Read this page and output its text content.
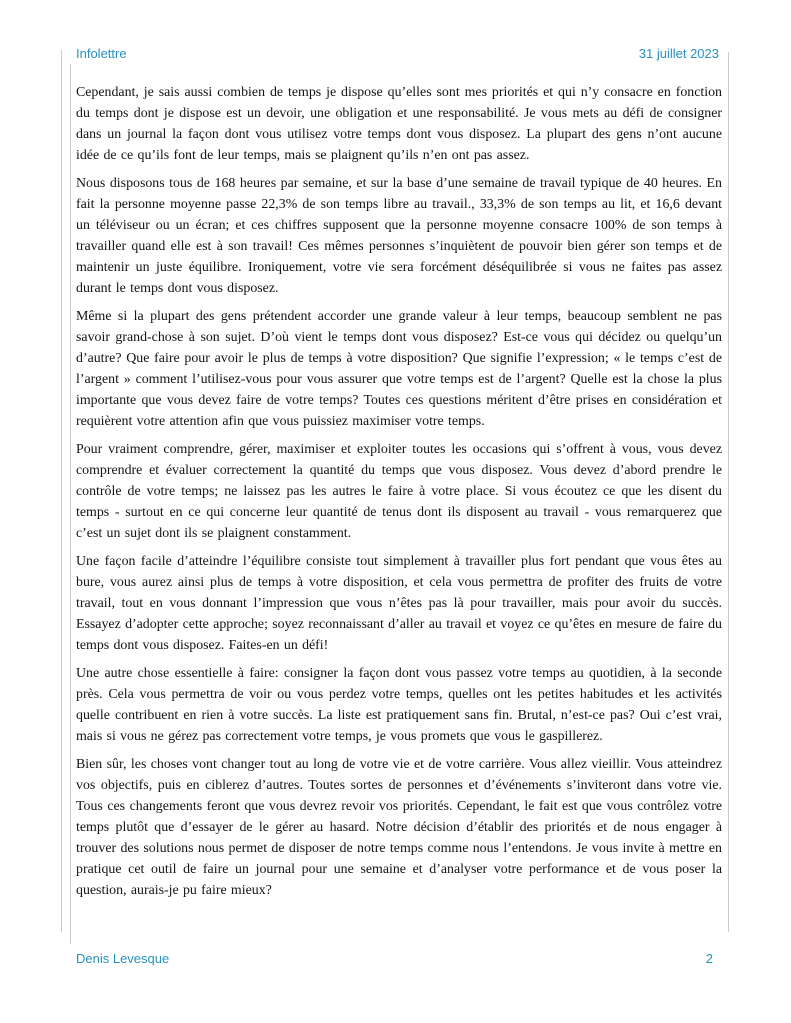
Infolettre	31 juillet 2023

Cependant, je sais aussi combien de temps je dispose qu’elles sont mes priorités et qui n’y consacre en fonction du temps dont je dispose est un devoir, une obligation et une responsabilité. Je vous mets au défi de consigner dans un journal la façon dont vous utilisez votre temps dont vous disposez. La plupart des gens n’ont aucune idée de ce qu’ils font de leur temps, mais se plaignent qu’ils n’en ont pas assez.

Nous disposons tous de 168 heures par semaine, et sur la base d’une semaine de travail typique de 40 heures. En fait la personne moyenne passe 22,3% de son temps libre au travail., 33,3% de son temps au lit, et 16,6 devant un téléviseur ou un écran; et ces chiffres supposent que la personne moyenne consacre 100% de son temps à travailler quand elle est à son travail! Ces mêmes personnes s’inquiètent de pouvoir bien gérer son temps et de maintenir un juste équilibre. Ironiquement, votre vie sera forcément déséquilibrée si vous ne faites pas assez durant le temps dont vous disposez.

Même si la plupart des gens prétendent accorder une grande valeur à leur temps, beaucoup semblent ne pas savoir grand-chose à son sujet. D’où vient le temps dont vous disposez? Est-ce vous qui décidez ou quelqu’un d’autre? Que faire pour avoir le plus de temps à votre disposition? Que signifie l’expression; « le temps c’est de l’argent » comment l’utilisez-vous pour vous assurer que votre temps est de l’argent? Quelle est la chose la plus importante que vous devez faire de votre temps? Toutes ces questions méritent d’être prises en considération et requièrent votre attention afin que vous puissiez maximiser votre temps.

Pour vraiment comprendre, gérer, maximiser et exploiter toutes les occasions qui s’offrent à vous, vous devez comprendre et évaluer correctement la quantité du temps que vous disposez. Vous devez d’abord prendre le contrôle de votre temps; ne laissez pas les autres le faire à votre place. Si vous écoutez ce que les disent du temps - surtout en ce qui concerne leur quantité de tenus dont ils disposent au travail - vous remarquerez que c’est un sujet dont ils se plaignent constamment.

Une façon facile d’atteindre l’équilibre consiste tout simplement à travailler plus fort pendant que vous êtes au bure, vous aurez ainsi plus de temps à votre disposition, et cela vous permettra de profiter des fruits de votre travail, tout en vous donnant l’impression que vous n’êtes pas là pour travailler, mais pour avoir du succès. Essayez d’adopter cette approche; soyez reconnaissant d’aller au travail et voyez ce qu’êtes en mesure de faire du temps dont vous disposez. Faites-en un défi!

Une autre chose essentielle à faire: consigner la façon dont vous passez votre temps au quotidien, à la seconde près. Cela vous permettra de voir ou vous perdez votre temps, quelles ont les petites habitudes et les activités quelle contribuent en rien à votre succès. La liste est pratiquement sans fin. Brutal, n’est-ce pas? Oui c’est vrai, mais si vous ne gérez pas correctement votre temps, je vous promets que vous le gaspillerez.

Bien sûr, les choses vont changer tout au long de votre vie et de votre carrière. Vous allez vieillir. Vous atteindrez vos objectifs, puis en ciblerez d’autres. Toutes sortes de personnes et d’événements s’inviteront dans votre vie. Tous ces changements feront que vous devrez revoir vos priorités. Cependant, le fait est que vous contrôlez votre temps plutôt que d’essayer de le gérer au hasard. Notre décision d’établir des priorités et de nous engager à trouver des solutions nous permet de disposer de notre temps comme nous l’entendons. Je vous invite à mettre en pratique cet outil de faire un journal pour une semaine et d’analyser votre performance et de vous poser la question, aurais-je pu faire mieux?

Denis Levesque	2
